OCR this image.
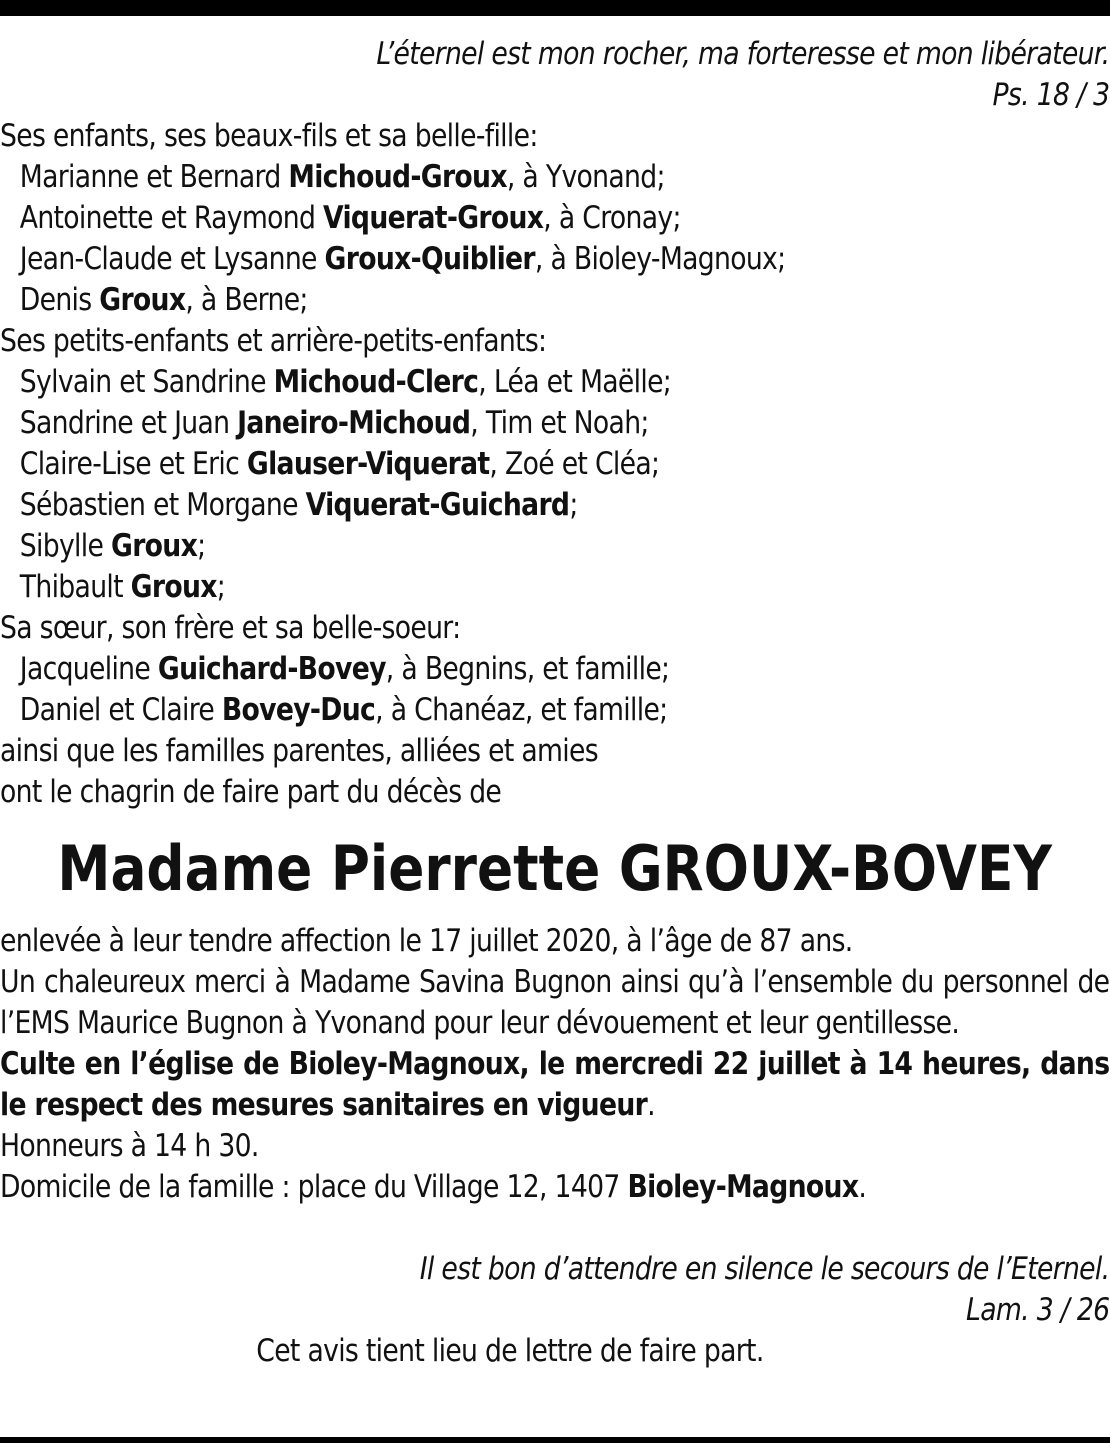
L’éternel est mon rocher, ma forteresse et mon libérateur.
Ps. 18 / 3
Ses enfants, ses beaux-fils et sa belle-fille:
Marianne et Bernard Michoud-Groux, à Yvonand;
Antoinette et Raymond Viquerat-Groux, à Cronay;
Jean-Claude et Lysanne Groux-Quiblier, à Bioley-Magnoux;
Denis Groux, à Berne;
Ses petits-enfants et arrière-petits-enfants:
Sylvain et Sandrine Michoud-Clerc, Léa et Maëlle;
Sandrine et Juan Janeiro-Michoud, Tim et Noah;
Claire-Lise et Eric Glauser-Viquerat, Zoé et Cléa;
Sébastien et Morgane Viquerat-Guichard;
Sibylle Groux;
Thibault Groux;
Sa sœur, son frère et sa belle-soeur:
Jacqueline Guichard-Bovey, à Begnins, et famille;
Daniel et Claire Bovey-Duc, à Chanéaz, et famille;
ainsi que les familles parentes, alliées et amies
ont le chagrin de faire part du décès de
Madame Pierrette GROUX-BOVEY
enlevée à leur tendre affection le 17 juillet 2020, à l’âge de 87 ans.
Un chaleureux merci à Madame Savina Bugnon ainsi qu’à l’ensemble du personnel de l’EMS Maurice Bugnon à Yvonand pour leur dévouement et leur gentillesse.
Culte en l’église de Bioley-Magnoux, le mercredi 22 juillet à 14 heures, dans le respect des mesures sanitaires en vigueur.
Honneurs à 14 h 30.
Domicile de la famille : place du Village 12, 1407 Bioley-Magnoux.
Il est bon d’attendre en silence le secours de l’Eternel.
Lam. 3 / 26
Cet avis tient lieu de lettre de faire part.
